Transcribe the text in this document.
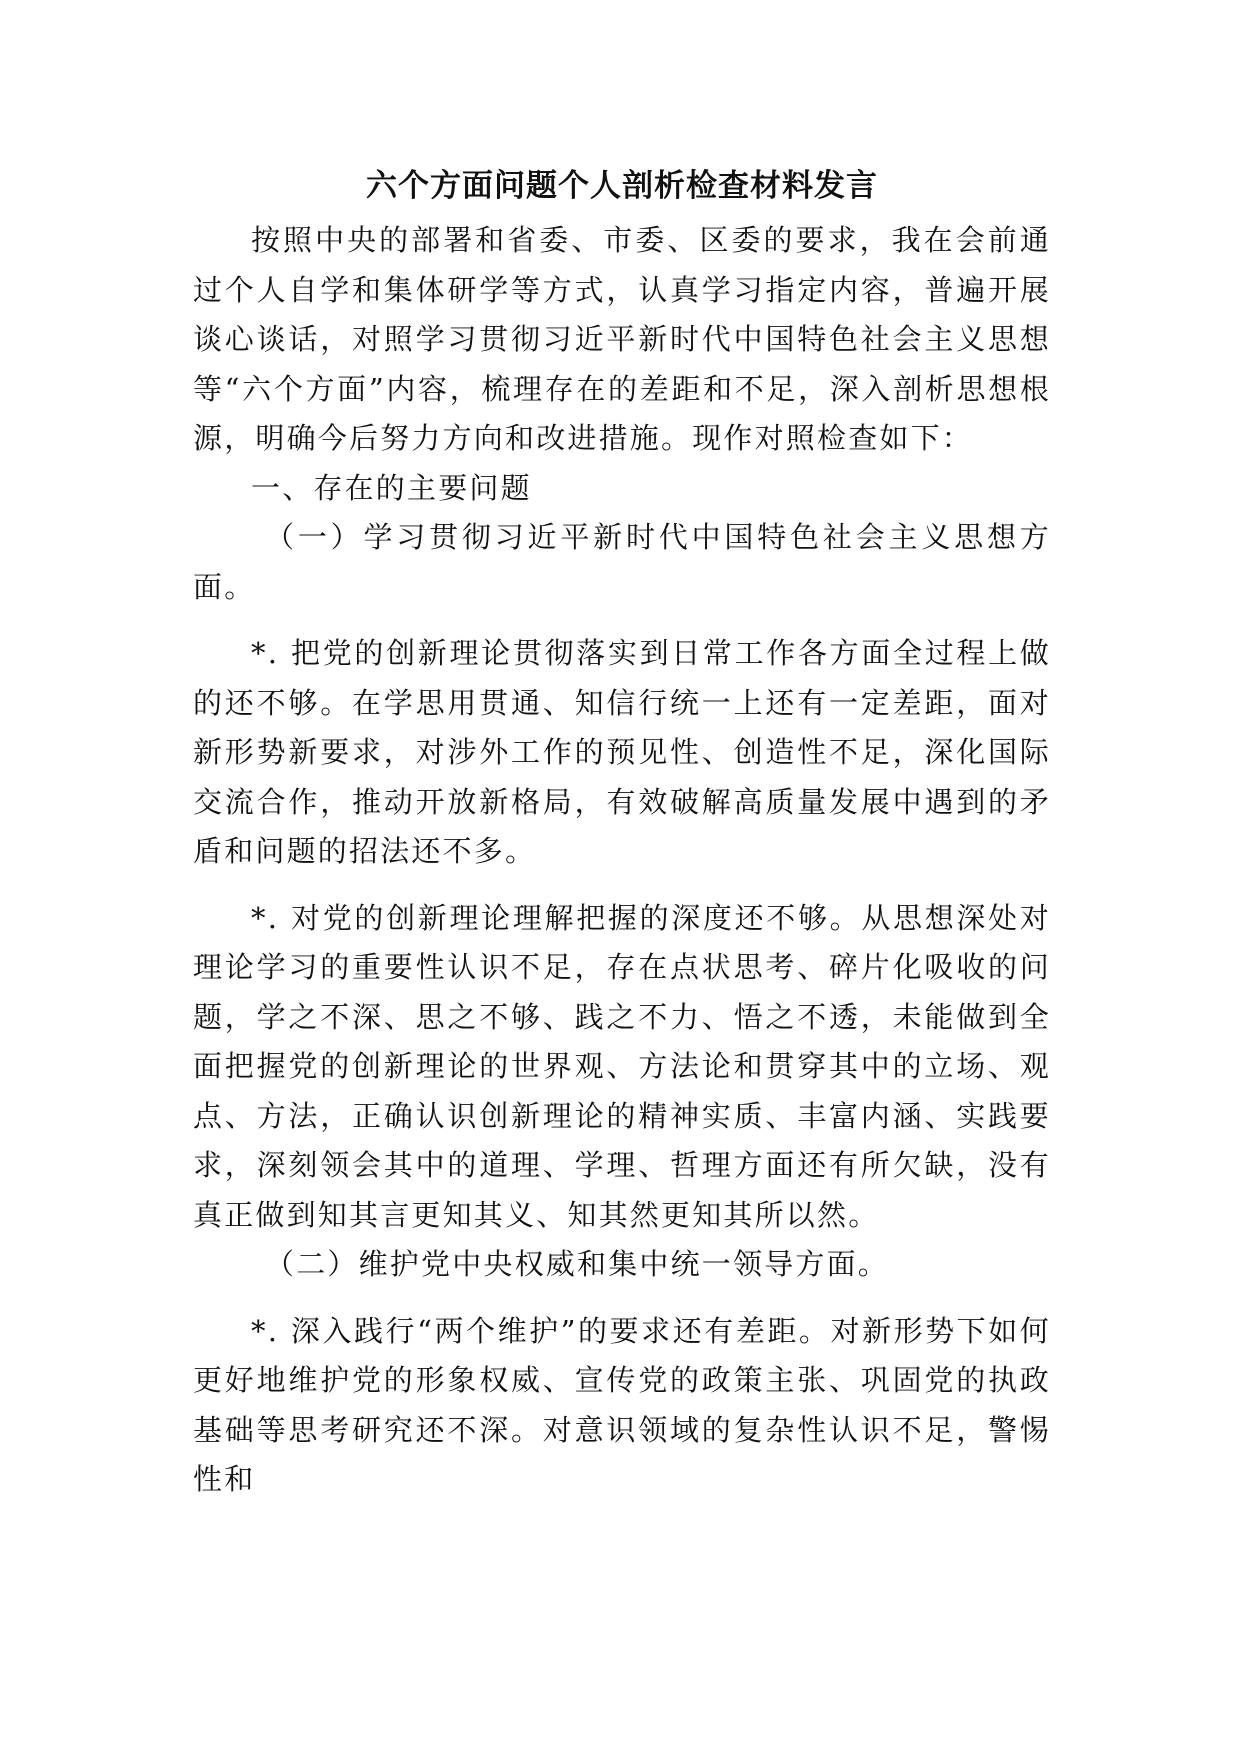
六个方面问题个人剖析检查材料发言

按照中央的部署和省委、市委、区委的要求，我在会前通过个人自学和集体研学等方式，认真学习指定内容，普遍开展谈心谈话，对照学习贯彻习近平新时代中国特色社会主义思想等“六个方面”内容，梳理存在的差距和不足，深入剖析思想根源，明确今后努力方向和改进措施。现作对照检查如下：

一、存在的主要问题

（一）学习贯彻习近平新时代中国特色社会主义思想方面。

*. 把党的创新理论贯彻落实到日常工作各方面全过程上做的还不够。在学思用贯通、知信行统一上还有一定差距，面对新形势新要求，对涉外工作的预见性、创造性不足，深化国际交流合作，推动开放新格局，有效破解高质量发展中遇到的矛盾和问题的招法还不多。

*. 对党的创新理论理解把握的深度还不够。从思想深处对理论学习的重要性认识不足，存在点状思考、碎片化吸收的问题，学之不深、思之不够、践之不力、悟之不透，未能做到全面把握党的创新理论的世界观、方法论和贯穿其中的立场、观点、方法，正确认识创新理论的精神实质、丰富内涵、实践要求，深刻领会其中的道理、学理、哲理方面还有所欠缺，没有真正做到知其言更知其义、知其然更知其所以然。

（二）维护党中央权威和集中统一领导方面。

*. 深入践行“两个维护”的要求还有差距。对新形势下如何更好地维护党的形象权威、宣传党的政策主张、巩固党的执政基础等思考研究还不深。对意识领域的复杂性认识不足，警惕性和
